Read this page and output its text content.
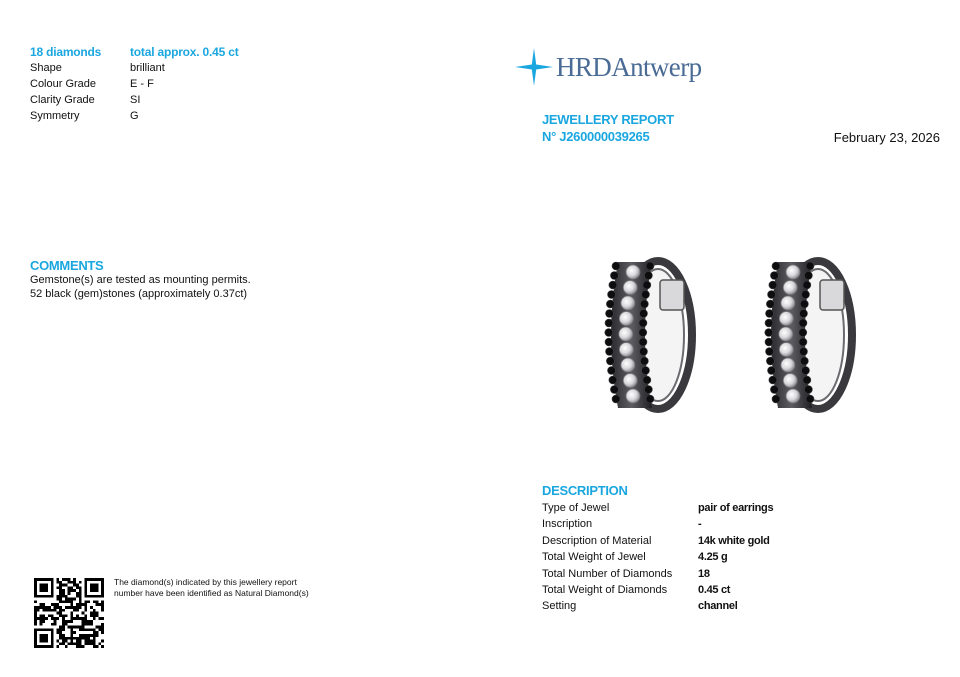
18 diamonds	total approx. 0.45 ct
Shape	brilliant
Colour Grade	E - F
Clarity Grade	SI
Symmetry	G
COMMENTS
Gemstone(s) are tested as mounting permits.
52 black (gem)stones (approximately 0.37ct)
The diamond(s) indicated by this jewellery report number have been identified as Natural Diamond(s)
HRDAntwerp
JEWELLERY REPORT
N° J260000039265	February 23, 2026
DESCRIPTION
Type of Jewel	pair of earrings
Inscription	-
Description of Material	14k white gold
Total Weight of Jewel	4.25 g
Total Number of Diamonds	18
Total Weight of Diamonds	0.45 ct
Setting	channel
